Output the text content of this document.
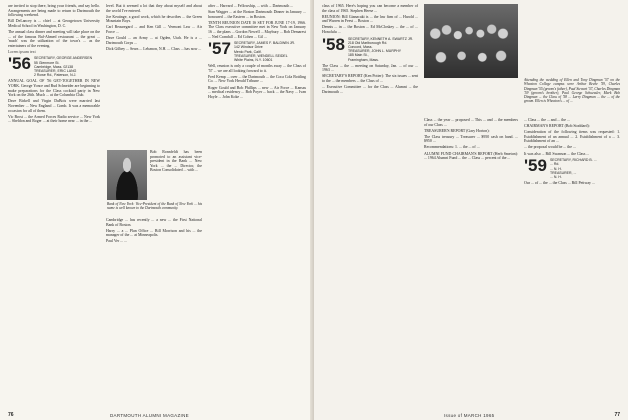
are invited to stop there, bring your friends, and say hello. Arrangements are being made to return to Dartmouth the following weekend.

Bill DeLancey is ... chief ... at Georgetown University Medical School in Washington, D. C.

The annual class dinner and meeting will take place on the ... of the famous Bal-Ahmed restaurant ... the great ... 'much' was the utilization of the town's ... as the entertainers of the evening.

Lorem ipsum text

'56 SECRETARY, GEORGE ANDERSEN
55 Glenmore St.
Cambridge, Mass. 02138
TREASURER, ERIC LANG
2 Rowe Rd., Paterson, N.J.

ANNUAL GOAL OF '56 GET-TOGETHER IN NEW YORK. George Yonce and Bud Schneider are beginning to make preparations for the Class cocktail party in New York on the 26th. Much ... at the Columbia Club.

Dave Birkell and Virgin DuBois were married last November ... New England ... Comb. It was a memorable occasion for all of them.

Vic Brost ... the Armed Forces Radio service ... New York ... Sheldon and Roger ... at their home near ... in the ...

level. But it seemed a lot that they about myself and about the world I've entered.

Joe Keatinge, a good work, which he describes ... the Green Mountain Boys.

Carl Beauregard ... and Ken Gill ... Vermont Law ... Air Force ...

Dave Gould ... an Army ... at Ogden, Utah. He is a ... Dartmouth Corps ...

Dick Gilbey ... Sears ... Lebanon, N.H. ... Class ... has now ...

Bob Ronnfeldt has been promoted to an assistant vice-president in the Bank ... New York ... the ... Director, the Boston Consolidated ... with ...

Bank of New York: Vice-President of the Bank of New York ... his name is well known to the Dartmouth community.

Cambridge ... has recently ... a new ... the First National Bank of Boston.

Harry ... a ... Plan Office ... Bill Morrison and his ... the manager of the ... at Minneapolis.

Paul Ver ... ...

after ... Harvard ... Fellowship, ... with ... Dartmouth ...

Stan Wagger ... at the Boston Dartmouth Dinner in January ... honoured ... the Eastern ... in Boston.

TENTH REUNION DATE IS SET FOR JUNE 17-19, 1966. The Class executive committee met in New York on January 16 ... the plans ... Gordon Newell ... Maybury ... Bob Demarest ... Ned Crandall ... Ed Cohen ... Gil ...

'57 SECRETARY, JAMES F. BALDWIN JR.
142 Windsor Drive
Menlo Park, Calif.
TREASURER, WENDELL SEIDEL
White Plains, N.Y. 10601

Well, reunion is only a couple of months away ... the Class of '57 ... we are all looking forward to it.

Fred Kemp ... over ... the Dartmouth ... the Coca Cola Bottling Co. ... New York Herald Tribune ...

Roger Gould and Bob Phillips ... new ... Air Force ... Kansas ... medical residency ... Bob Poyer ... back ... the Navy ... Ivan Hoyle ... John Koke ...

76	DARTMOUTH ALUMNI MAGAZINE

class of 1965. Here's hoping you can become a member of the class of 1965. Stephen Heese ...

REUNION: Bill Gianacaki is ... the law firm of ... Harold ... and Warren in Feest ... Boston ...

Dennis ... in ... the Boston ... Ed McCloskey ... the ... of ... Honolulu ...

'58 SECRETARY, KENNETH A. SWARTZ JR.
218 Old Marlborough Rd.
Concord, Mass.
TREASURER, JOHN L. MURPHY
185 Main St.,
Framingham, Mass.

The Class ... the ... meeting on Saturday, Jan. ... of our ... 1963 ...

SECRETARY'S REPORT (Ken Potter): The six issues ... sent to the ... the members ... the Class of ...

... Executive Committee ... for the Class ... Alumni ... the Dartmouth ...

Class ... the year ... proposed ... This ... and ... the members of our Class ...

TREASURER'S REPORT (Gary Horton):

The Class treasury ... Treasurer ... $950 cash on hand. ... $950 ...

Recommendations: 1. ... the ... of ...

ALUMNI FUND CHAIRMAN'S REPORT (Herb Smeton): ... 1964 Alumni Fund ... the ... Class ... percent of the ...

Attending the wedding of Ellen and Tony Dingman '57 on the Wheaton College campus were Arthur Beebe '59, Charles Dingman '55 (groom's father), Paul Stewart '57, Charles Dingman '59 (groom's brother), Paul George Schuessler, Mark Bob Dingman ... the Class of '58 ... Larry Dingman ... the ... of the groom. Ellen is Wheaton's ... of ...

... Class ... the ... and ... the ...

CHAIRMAN'S REPORT (Bob Stoddard):

Consideration of the following items was requested: 1. Establishment of an annual ... 2. Establishment of a ... 3. Establishment of an ...

... the proposal would be ... the ...

It was also ... Bill Swanson ... the Class ...

'59 SECRETARY, RICHARD B. ...
... Rd.
... N. H.
TREASURER, ...
... N. H.

Our ... of ... the ... the Class ... Bill Pettway ...

Issue of MARCH 1965	77
